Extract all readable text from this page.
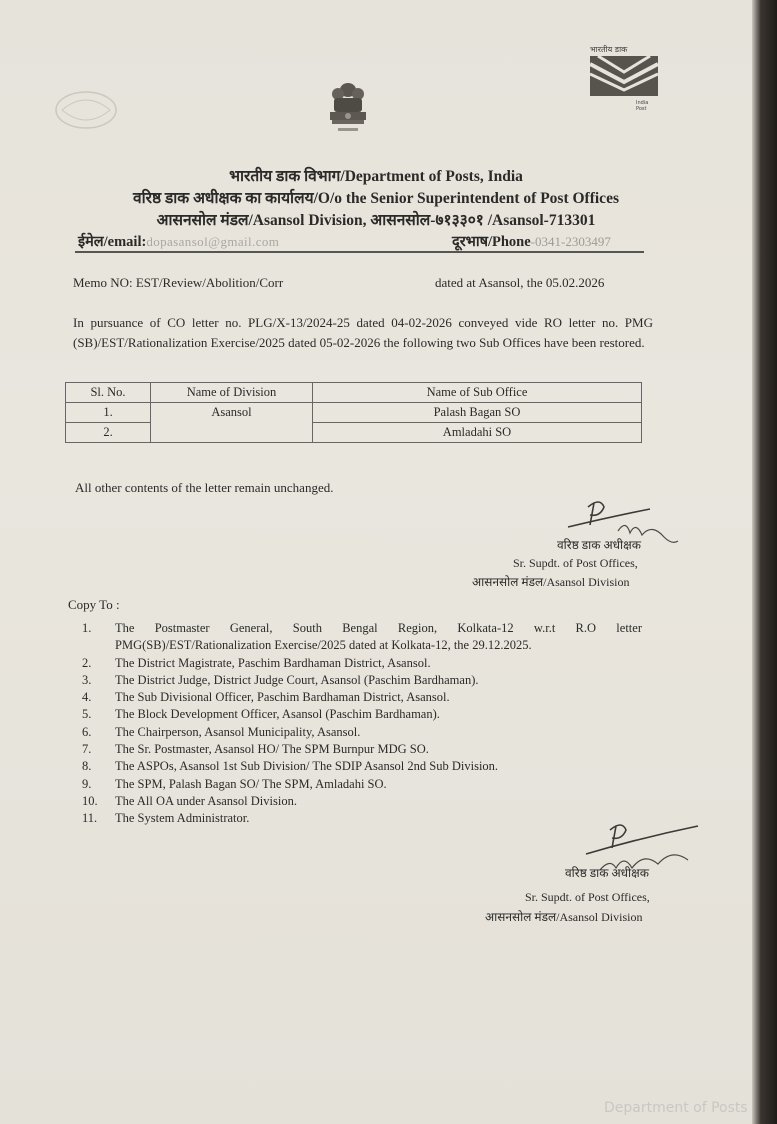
भारतीय डाक
India Post
भारतीय डाक विभाग/Department of Posts, India
वरिष्ठ डाक अधीक्षक का कार्यालय/O/o the Senior Superintendent of Post Offices
आसनसोल मंडल/Asansol Division, आसनसोल-७१३३०१ /Asansol-713301
ईमेल/email:dopasansol@gmail.com	दूरभाष/Phone-0341-2303497
Memo NO: EST/Review/Abolition/Corr	dated at Asansol, the 05.02.2026
In pursuance of CO letter no. PLG/X-13/2024-25 dated 04-02-2026 conveyed vide RO letter no. PMG (SB)/EST/Rationalization Exercise/2025 dated 05-02-2026 the following two Sub Offices have been restored.
Sl. No.	Name of Division	Name of Sub Office
1.	Asansol	Palash Bagan SO
2.		Amladahi SO
All other contents of the letter remain unchanged.
वरिष्ठ डाक अधीक्षक
Sr. Supdt. of Post Offices,
आसनसोल मंडल/Asansol Division
Copy To :
1.	The Postmaster General, South Bengal Region, Kolkata-12 w.r.t R.O letter PMG(SB)/EST/Rationalization Exercise/2025 dated at Kolkata-12, the 29.12.2025.
2.	The District Magistrate, Paschim Bardhaman District, Asansol.
3.	The District Judge, District Judge Court, Asansol (Paschim Bardhaman).
4.	The Sub Divisional Officer, Paschim Bardhaman District, Asansol.
5.	The Block Development Officer, Asansol (Paschim Bardhaman).
6.	The Chairperson, Asansol Municipality, Asansol.
7.	The Sr. Postmaster, Asansol HO/ The SPM Burnpur MDG SO.
8.	The ASPOs, Asansol 1st Sub Division/ The SDIP Asansol 2nd Sub Division.
9.	The SPM, Palash Bagan SO/ The SPM, Amladahi SO.
10.	The All OA under Asansol Division.
11.	The System Administrator.
वरिष्ठ डाक अधीक्षक
Sr. Supdt. of Post Offices,
आसनसोल मंडल/Asansol Division
Department of Posts
